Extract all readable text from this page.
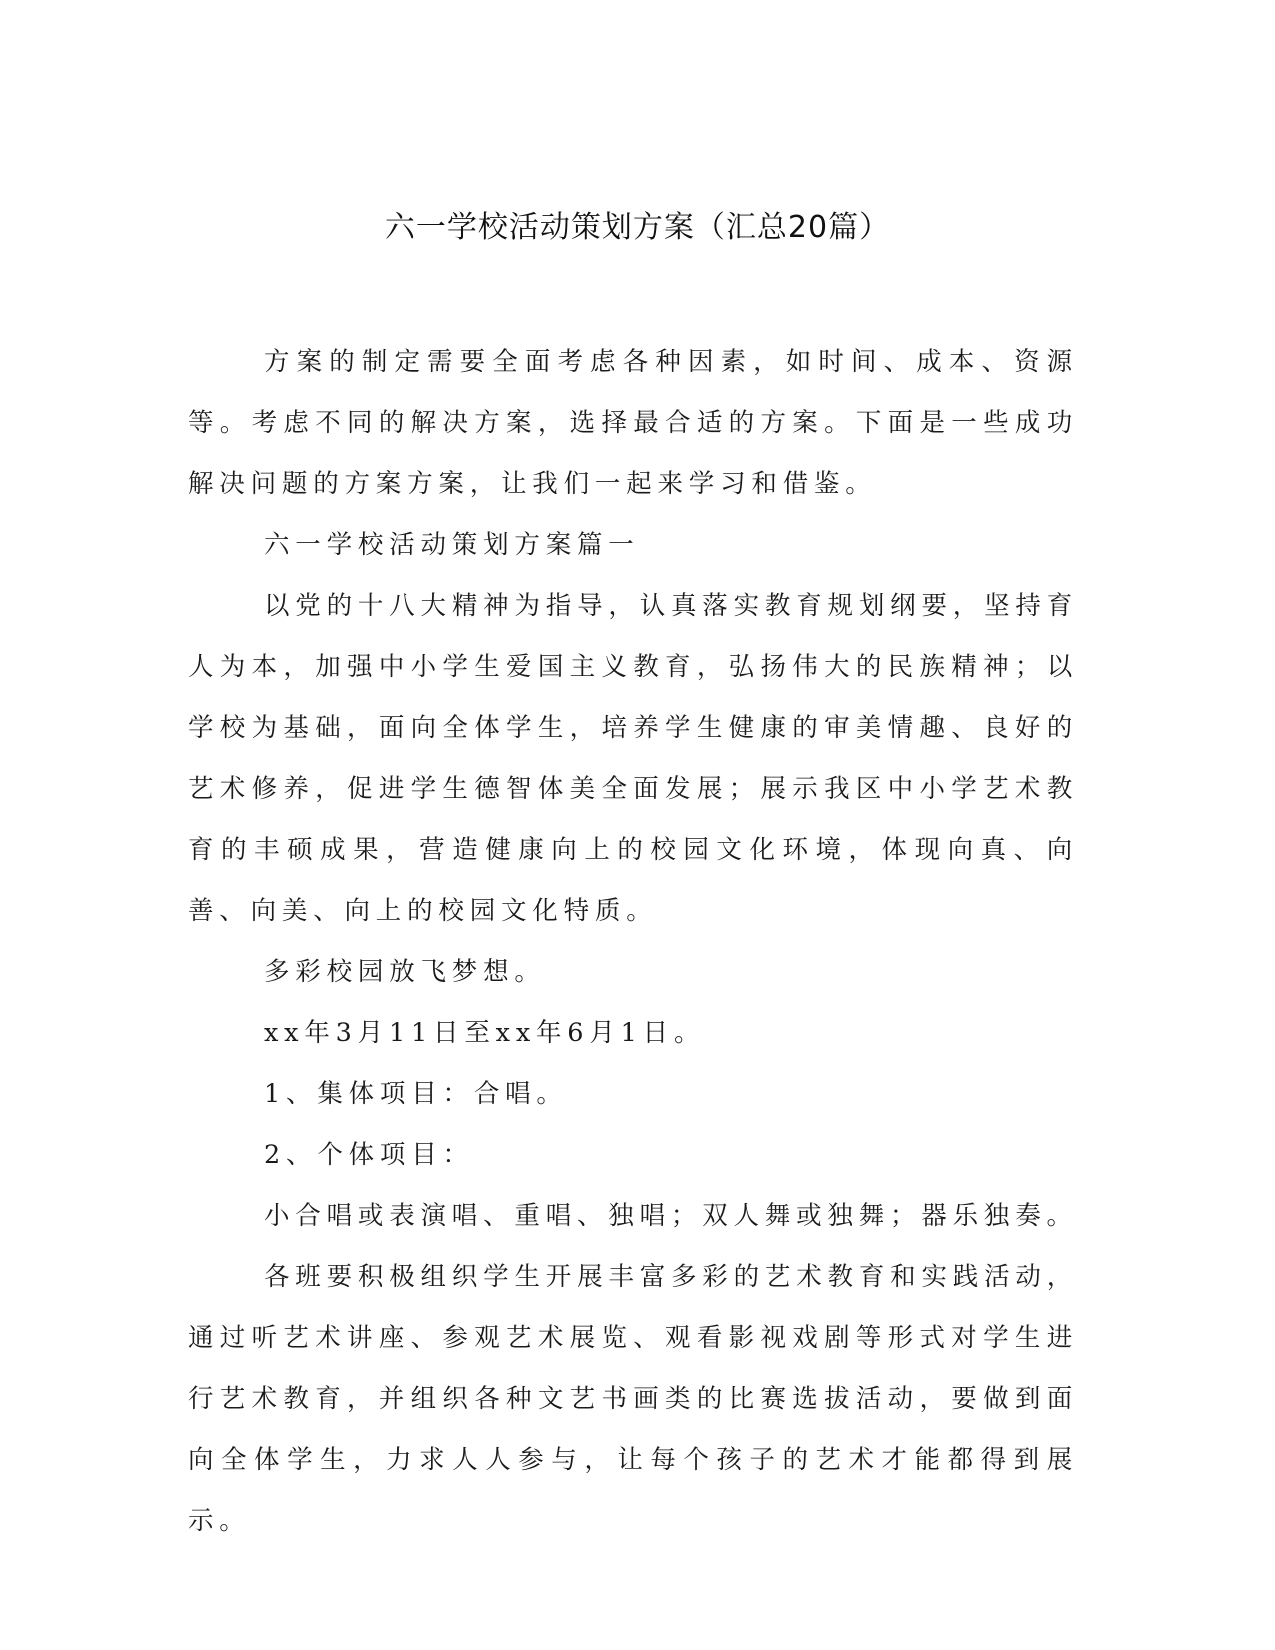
六一学校活动策划方案（汇总20篇）

方案的制定需要全面考虑各种因素，如时间、成本、资源等。考虑不同的解决方案，选择最合适的方案。下面是一些成功解决问题的方案方案，让我们一起来学习和借鉴。

六一学校活动策划方案篇一

以党的十八大精神为指导，认真落实教育规划纲要，坚持育人为本，加强中小学生爱国主义教育，弘扬伟大的民族精神；以学校为基础，面向全体学生，培养学生健康的审美情趣、良好的艺术修养，促进学生德智体美全面发展；展示我区中小学艺术教育的丰硕成果，营造健康向上的校园文化环境，体现向真、向善、向美、向上的校园文化特质。

多彩校园放飞梦想。

xx年3月11日至xx年6月1日。

1、集体项目：合唱。

2、个体项目：

小合唱或表演唱、重唱、独唱；双人舞或独舞；器乐独奏。

各班要积极组织学生开展丰富多彩的艺术教育和实践活动，通过听艺术讲座、参观艺术展览、观看影视戏剧等形式对学生进行艺术教育，并组织各种文艺书画类的比赛选拔活动，要做到面向全体学生，力求人人参与，让每个孩子的艺术才能都得到展示。
